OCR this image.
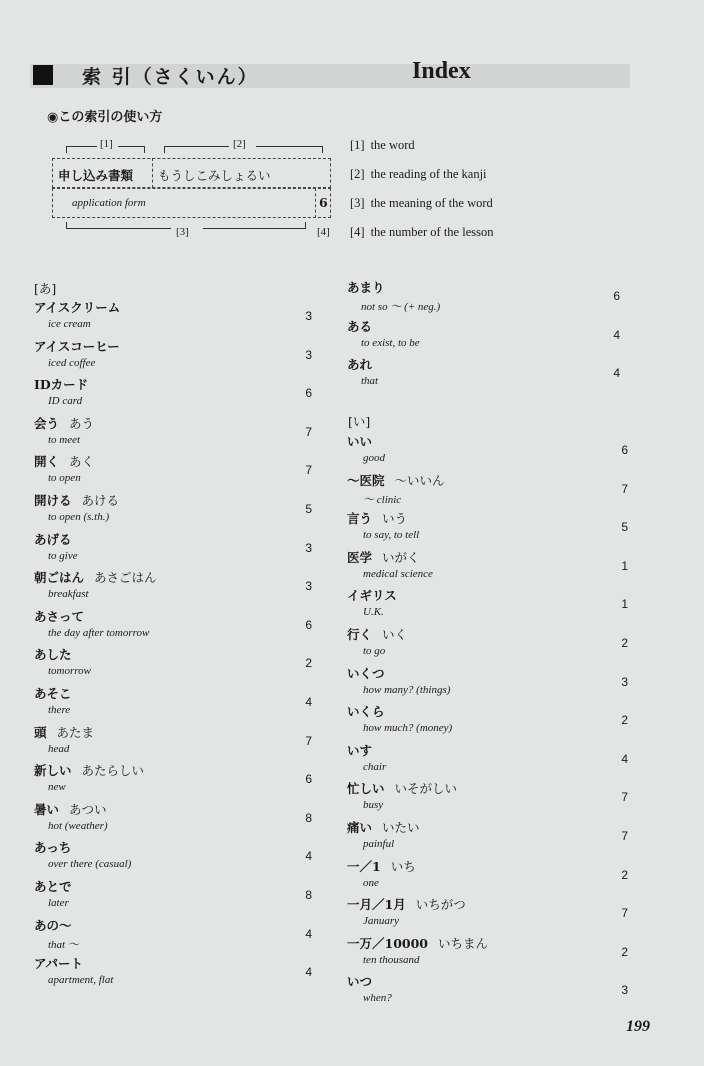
索 引（さくいん）	Index
◉この索引の使い方
[1]	[2]
申し込み書類 もうしこみしょるい
application form	6
[3]	[4]
[1] the word
[2] the reading of the kanji
[3] the meaning of the word
[4] the number of the lesson
[あ]
アイスクリーム
ice cream
3
アイスコーヒー
iced coffee
3
IDカード
ID card
6
会う あう
to meet
7
開く あく
to open
7
開ける あける
to open (s.th.)
5
あげる
to give
3
朝ごはん あさごはん
breakfast
3
あさって
the day after tomorrow
6
あした
tomorrow
2
あそこ
there
4
頭 あたま
head
7
新しい あたらしい
new
6
暑い あつい
hot (weather)
8
あっち
over there (casual)
4
あとで
later
8
あの〜
that 〜
4
アパート
apartment, flat
4
あまり
not so 〜 (+ neg.)
6
ある
to exist, to be
4
あれ
that
4
[い]
いい
good
6
〜医院 〜いいん
〜 clinic
7
言う いう
to say, to tell
5
医学 いがく
medical science
1
イギリス
U.K.
1
行く いく
to go
2
いくつ
how many? (things)
3
いくら
how much? (money)
2
いす
chair
4
忙しい いそがしい
busy
7
痛い いたい
painful
7
一／1 いち
one
2
一月／1月 いちがつ
January
7
一万／10000 いちまん
ten thousand
2
いつ
when?
3
199
